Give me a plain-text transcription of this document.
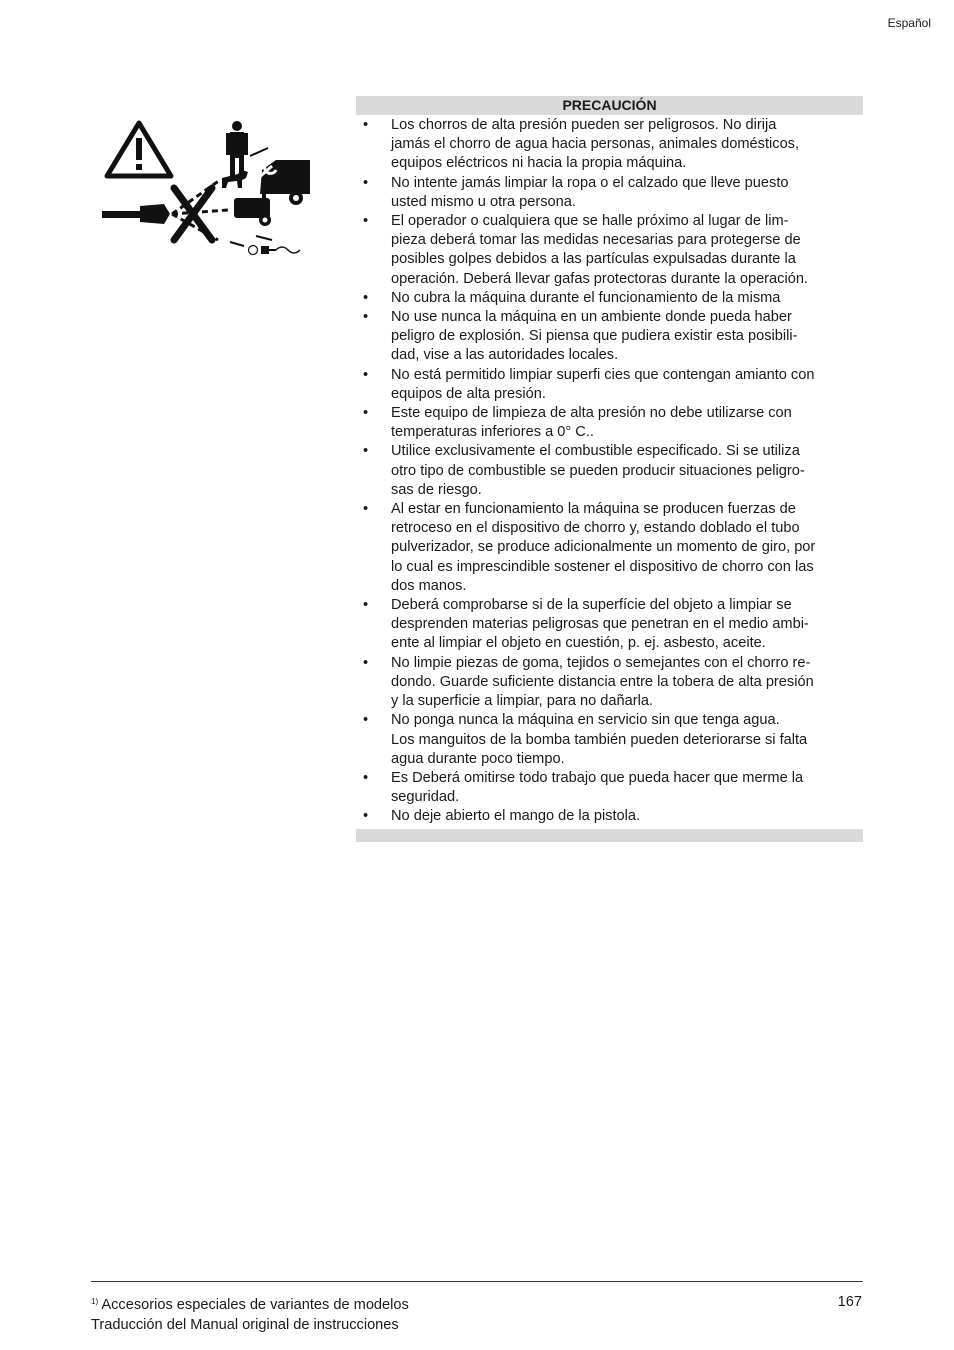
Español
PRECAUCIÓN
• Los chorros de alta presión pueden ser peligrosos. No dirija
jamás el chorro de agua hacia personas, animales domésticos,
equipos eléctricos ni hacia la propia máquina.
• No intente jamás limpiar la ropa o el calzado que lleve puesto
usted mismo u otra persona.
• El operador o cualquiera que se halle próximo al lugar de lim-
pieza deberá tomar las medidas necesarias para protegerse de
posibles golpes debidos a las partículas expulsadas durante la
operación. Deberá llevar gafas protectoras durante la operación.
• No cubra la máquina durante el funcionamiento de la misma
• No use nunca la máquina en un ambiente donde pueda haber
peligro de explosión. Si piensa que pudiera existir esta posibili-
dad, vise a las autoridades locales.
• No está permitido limpiar superfi cies que contengan amianto con
equipos de alta presión.
• Este equipo de limpieza de alta presión no debe utilizarse con
temperaturas inferiores a 0° C..
• Utilice exclusivamente el combustible especificado. Si se utiliza
otro tipo de combustible se pueden producir situaciones peligro-
sas de riesgo.
• Al estar en funcionamiento la máquina se producen fuerzas de
retroceso en el dispositivo de chorro y, estando doblado el tubo
pulverizador, se produce adicionalmente un momento de giro, por
lo cual es imprescindible sostener el dispositivo de chorro con las
dos manos.
• Deberá comprobarse si de la superfície del objeto a limpiar se
desprenden materias peligrosas que penetran en el medio ambi-
ente al limpiar el objeto en cuestión, p. ej. asbesto, aceite.
• No limpie piezas de goma, tejidos o semejantes con el chorro re-
dondo. Guarde suficiente distancia entre la tobera de alta presión
y la superficie a limpiar, para no dañarla.
• No ponga nunca la máquina en servicio sin que tenga agua.
Los manguitos de la bomba también pueden deteriorarse si falta
agua durante poco tiempo.
• Es Deberá omitirse todo trabajo que pueda hacer que merme la
seguridad.
• No deje abierto el mango de la pistola.
$^{1)}$ Accesorios especiales de variantes de modelos
Traducción del Manual original de instrucciones
167
